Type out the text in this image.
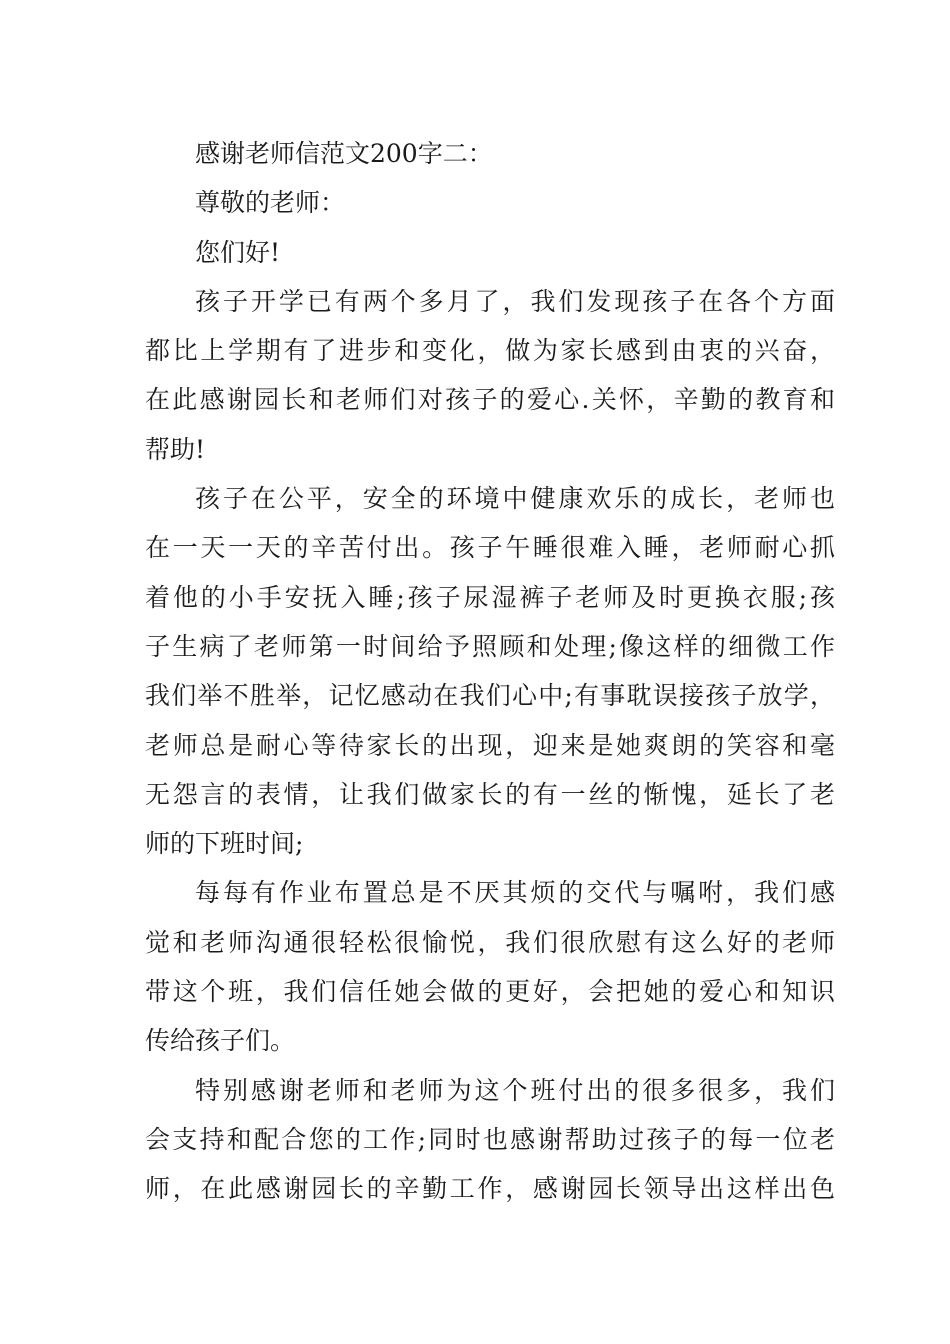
感谢老师信范文200字二：
尊敬的老师：
您们好!
孩子开学已有两个多月了，我们发现孩子在各个方面
都比上学期有了进步和变化，做为家长感到由衷的兴奋，
在此感谢园长和老师们对孩子的爱心.关怀，辛勤的教育和
帮助!
孩子在公平，安全的环境中健康欢乐的成长，老师也
在一天一天的辛苦付出。孩子午睡很难入睡，老师耐心抓
着他的小手安抚入睡;孩子尿湿裤子老师及时更换衣服;孩
子生病了老师第一时间给予照顾和处理;像这样的细微工作
我们举不胜举，记忆感动在我们心中;有事耽误接孩子放学，
老师总是耐心等待家长的出现，迎来是她爽朗的笑容和毫
无怨言的表情，让我们做家长的有一丝的惭愧，延长了老
师的下班时间;
每每有作业布置总是不厌其烦的交代与嘱咐，我们感
觉和老师沟通很轻松很愉悦，我们很欣慰有这么好的老师
带这个班，我们信任她会做的更好，会把她的爱心和知识
传给孩子们。
特别感谢老师和老师为这个班付出的很多很多，我们
会支持和配合您的工作;同时也感谢帮助过孩子的每一位老
师，在此感谢园长的辛勤工作，感谢园长领导出这样出色
